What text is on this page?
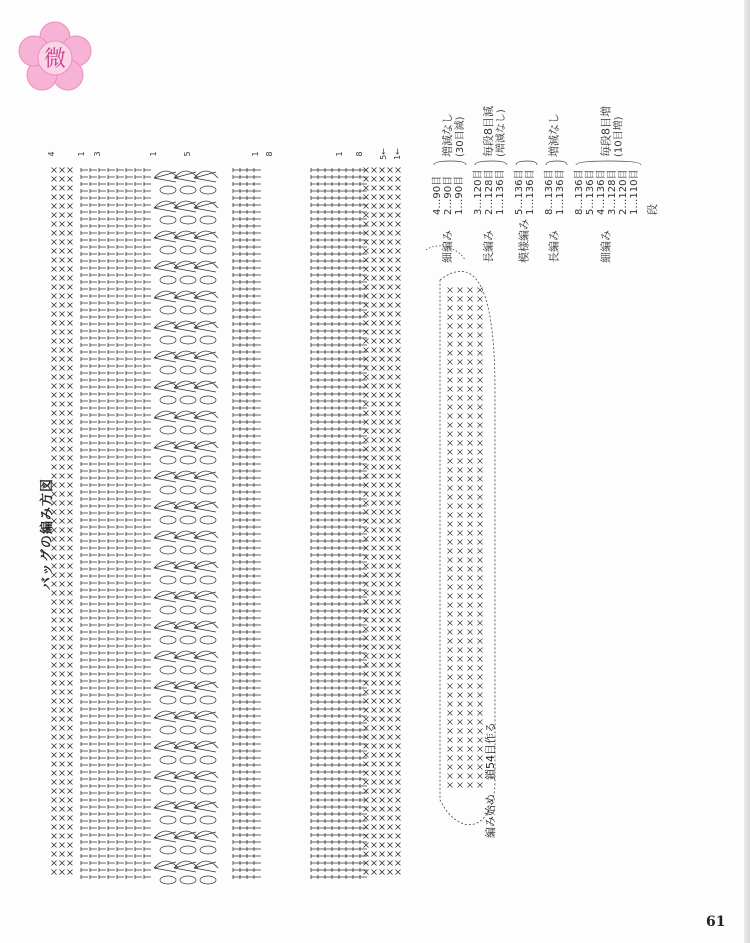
微
バッグの編み方図
4	1 3	1	5	1 8	1 8 5← 1←
編み始め    鎖54目作る
4…90目 2…90目 1…90目
細編み
増減なし (30目減)
3…120目 2…128目 1…136目
長編み
毎段8目減 (増減なし)
5…136目 1…136目
模様編み
8…136目 1…136目
長編み
増減なし
8…136目 5…136目 4…136目 3…128目 2…120目 1…110目
細編み
毎段8目増 (10目増)
段
61
